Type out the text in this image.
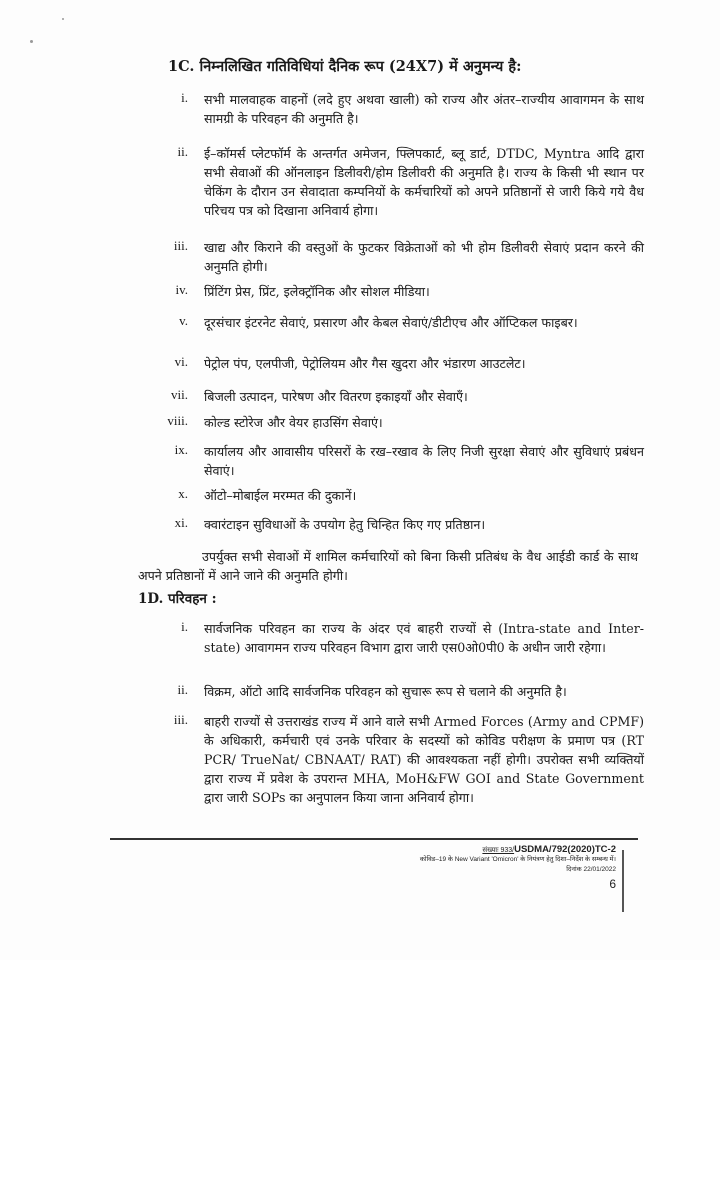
1C. निम्नलिखित गतिविधियां दैनिक रूप (24X7) में अनुमन्य है:
i. सभी मालवाहक वाहनों (लदे हुए अथवा खाली) को राज्य और अंतर–राज्यीय आवागमन के साथ सामग्री के परिवहन की अनुमति है।
ii. ई–कॉमर्स प्लेटफॉर्म के अन्तर्गत अमेजन, फ्लिपकार्ट, ब्लू डार्ट, DTDC, Myntra आदि द्वारा सभी सेवाओं की ऑनलाइन डिलीवरी/होम डिलीवरी की अनुमति है। राज्य के किसी भी स्थान पर चेकिंग के दौरान उन सेवादाता कम्पनियों के कर्मचारियों को अपने प्रतिष्ठानों से जारी किये गये वैध परिचय पत्र को दिखाना अनिवार्य होगा।
iii. खाद्य और किराने की वस्तुओं के फुटकर विक्रेताओं को भी होम डिलीवरी सेवाएं प्रदान करने की अनुमति होगी।
iv. प्रिंटिंग प्रेस, प्रिंट, इलेक्ट्रॉनिक और सोशल मीडिया।
v. दूरसंचार इंटरनेट सेवाएं, प्रसारण और केबल सेवाएं/डीटीएच और ऑप्टिकल फाइबर।
vi. पेट्रोल पंप, एलपीजी, पेट्रोलियम और गैस खुदरा और भंडारण आउटलेट।
vii. बिजली उत्पादन, पारेषण और वितरण इकाइयाँ और सेवाएँ।
viii. कोल्ड स्टोरेज और वेयर हाउसिंग सेवाएं।
ix. कार्यालय और आवासीय परिसरों के रख–रखाव के लिए निजी सुरक्षा सेवाएं और सुविधाएं प्रबंधन सेवाएं।
x. ऑटो–मोबाईल मरम्मत की दुकानें।
xi. क्वारंटाइन सुविधाओं के उपयोग हेतु चिन्हित किए गए प्रतिष्ठान।
उपर्युक्त सभी सेवाओं में शामिल कर्मचारियों को बिना किसी प्रतिबंध के वैध आईडी कार्ड के साथ अपने प्रतिष्ठानों में आने जाने की अनुमति होगी।
1D. परिवहन :
i. सार्वजनिक परिवहन का राज्य के अंदर एवं बाहरी राज्यों से (Intra-state and Inter-state) आवागमन राज्य परिवहन विभाग द्वारा जारी एस0ओ0पी0 के अधीन जारी रहेगा।
ii. विक्रम, ऑटो आदि सार्वजनिक परिवहन को सुचारू रूप से चलाने की अनुमति है।
iii. बाहरी राज्यों से उत्तराखंड राज्य में आने वाले सभी Armed Forces (Army and CPMF) के अधिकारी, कर्मचारी एवं उनके परिवार के सदस्यों को कोविड परीक्षण के प्रमाण पत्र (RT PCR/ TrueNat/ CBNAAT/ RAT) की आवश्यकता नहीं होगी। उपरोक्त सभी व्यक्तियों द्वारा राज्य में प्रवेश के उपरान्त MHA, MoH&FW GOI and State Government द्वारा जारी SOPs का अनुपालन किया जाना अनिवार्य होगा।
संख्याः 933/USDMA/792(2020)TC-2
कोविड–19 के New Variant 'Omicron' के नियंत्रण हेतु दिशा–निर्देश के सम्बन्ध में।
दिनांक 22/01/2022
6
